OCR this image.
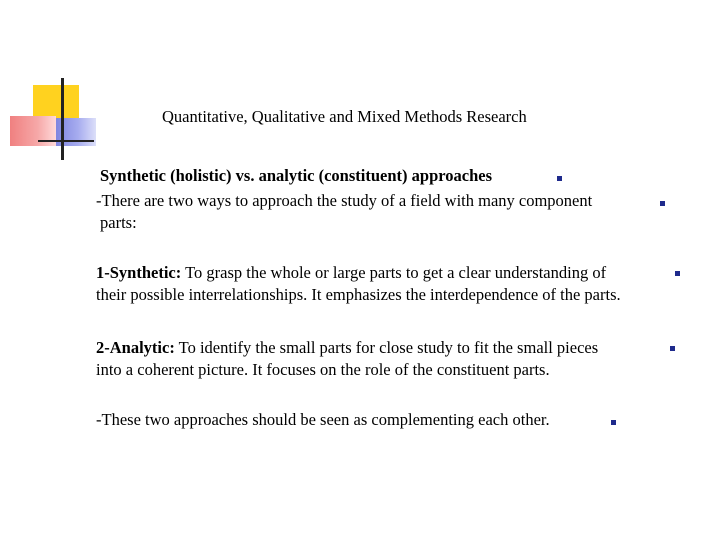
Quantitative, Qualitative and Mixed Methods Research
Synthetic (holistic) vs. analytic (constituent) approaches
-There are two ways to approach the study of a field with many component
parts:
1-Synthetic: To grasp the whole or large parts to get a clear understanding of
their possible interrelationships. It emphasizes the interdependence of the parts.
2-Analytic: To identify the small parts for close study to fit the small pieces
into a coherent picture. It focuses on the role of the constituent parts.
-These two approaches should be seen as complementing each other.
